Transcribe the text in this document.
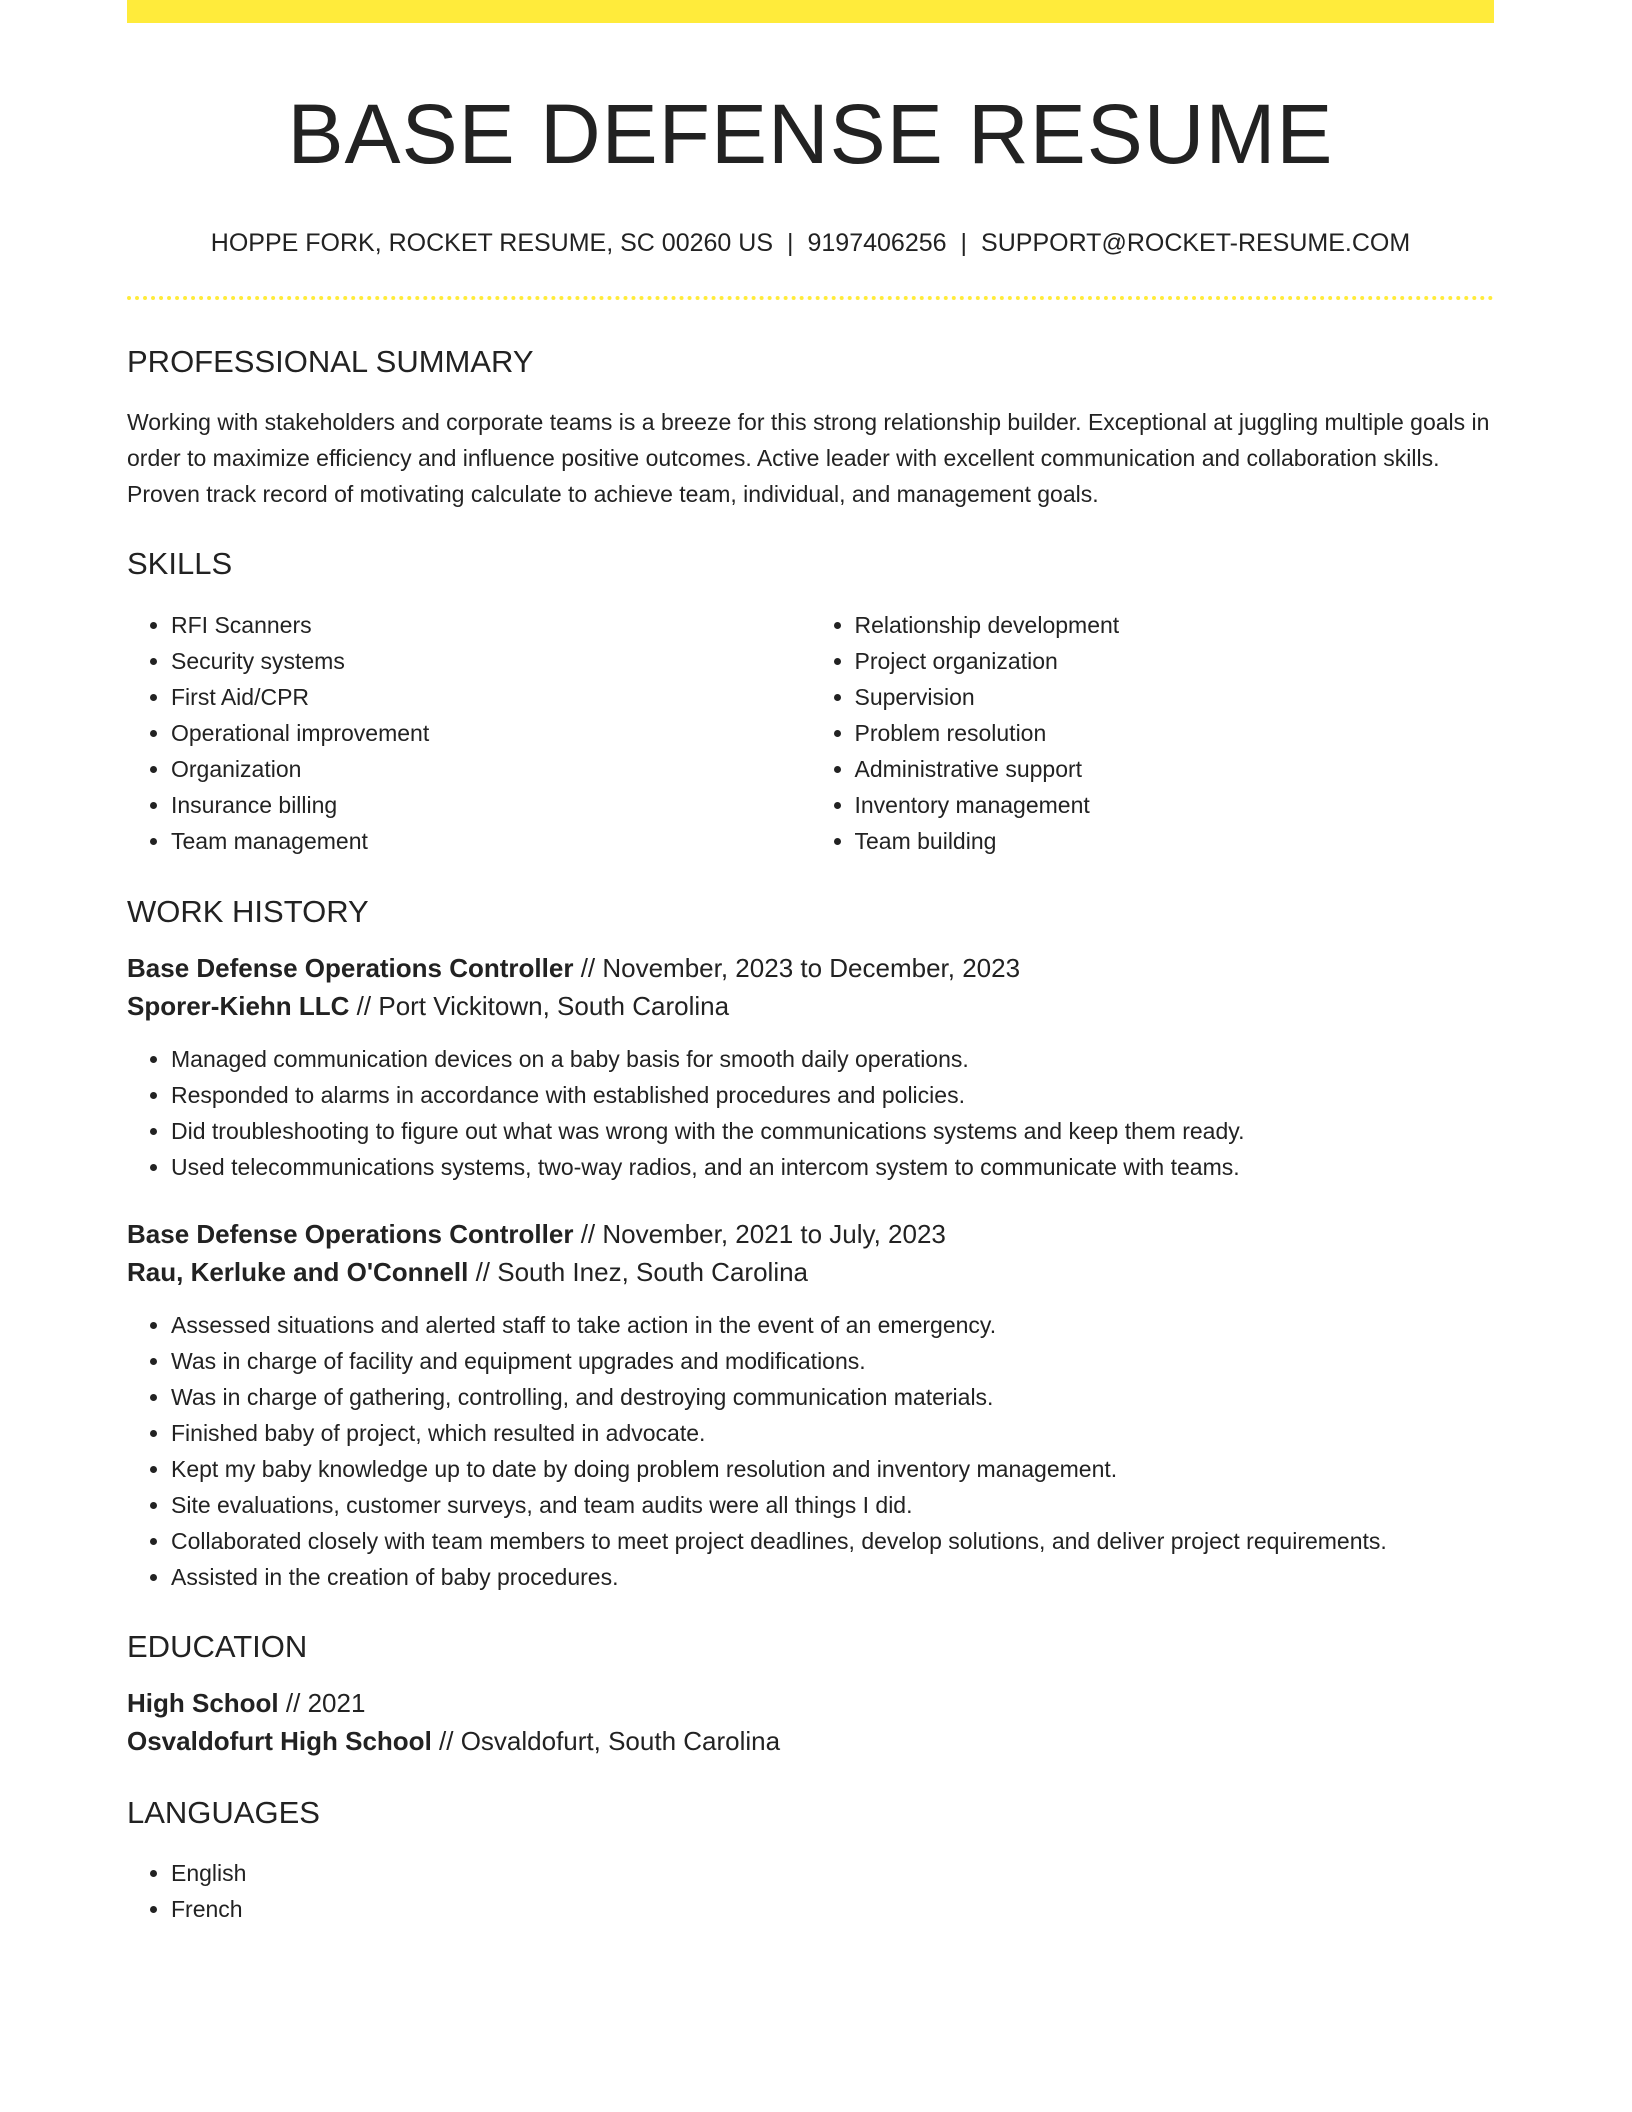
BASE DEFENSE RESUME
HOPPE FORK, ROCKET RESUME, SC 00260 US | 9197406256 | SUPPORT@ROCKET-RESUME.COM
PROFESSIONAL SUMMARY
Working with stakeholders and corporate teams is a breeze for this strong relationship builder. Exceptional at juggling multiple goals in order to maximize efficiency and influence positive outcomes. Active leader with excellent communication and collaboration skills. Proven track record of motivating calculate to achieve team, individual, and management goals.
SKILLS
• RFI Scanners
• Security systems
• First Aid/CPR
• Operational improvement
• Organization
• Insurance billing
• Team management
• Relationship development
• Project organization
• Supervision
• Problem resolution
• Administrative support
• Inventory management
• Team building
WORK HISTORY
Base Defense Operations Controller // November, 2023 to December, 2023
Sporer-Kiehn LLC // Port Vickitown, South Carolina
• Managed communication devices on a baby basis for smooth daily operations.
• Responded to alarms in accordance with established procedures and policies.
• Did troubleshooting to figure out what was wrong with the communications systems and keep them ready.
• Used telecommunications systems, two-way radios, and an intercom system to communicate with teams.
Base Defense Operations Controller // November, 2021 to July, 2023
Rau, Kerluke and O'Connell // South Inez, South Carolina
• Assessed situations and alerted staff to take action in the event of an emergency.
• Was in charge of facility and equipment upgrades and modifications.
• Was in charge of gathering, controlling, and destroying communication materials.
• Finished baby of project, which resulted in advocate.
• Kept my baby knowledge up to date by doing problem resolution and inventory management.
• Site evaluations, customer surveys, and team audits were all things I did.
• Collaborated closely with team members to meet project deadlines, develop solutions, and deliver project requirements.
• Assisted in the creation of baby procedures.
EDUCATION
High School // 2021
Osvaldofurt High School // Osvaldofurt, South Carolina
LANGUAGES
• English
• French
